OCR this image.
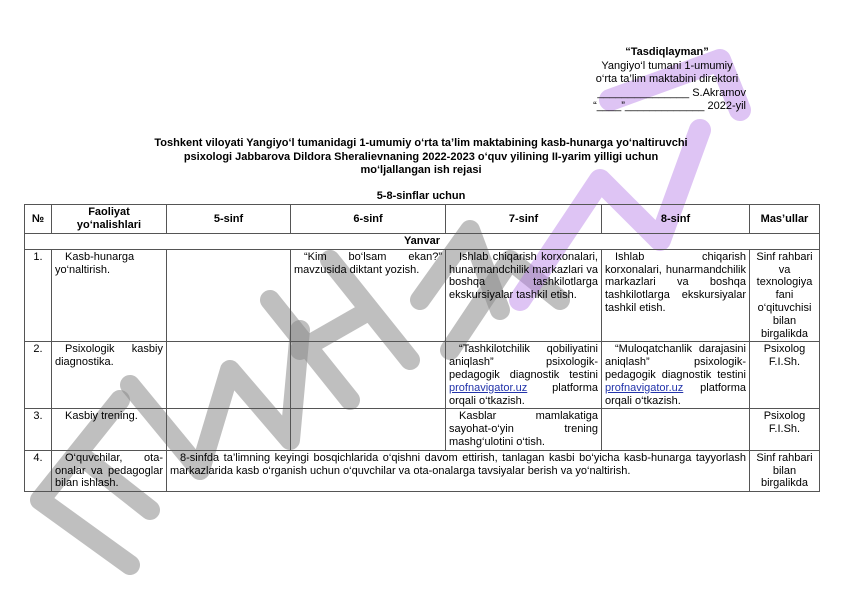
“Tasdiqlayman”
Yangiyo‘l tumani 1-umumiy
o‘rta ta’lim maktabini direktori
_______________ S.Akramov
“____”_____________ 2022-yil
Toshkent viloyati Yangiyo‘l tumanidagi 1-umumiy o‘rta ta’lim maktabining kasb-hunarga yo‘naltiruvchi
psixologi Jabbarova Dildora Sheralievnaning 2022-2023 o‘quv yilining II-yarim yilligi uchun
mo‘ljallangan ish rejasi
5-8-sinflar uchun
№	Faoliyat yo‘nalishlari	5-sinf	6-sinf	7-sinf	8-sinf	Mas’ullar
Yanvar						
1.	Kasb-hunarga yo‘naltirish.		“Kim bo‘lsam ekan?” mavzusida diktant yozish.	Ishlab chiqarish korxonalari, hunarmandchilik markazlari va boshqa tashkilotlarga ekskursiyalar tashkil etish.	Ishlab chiqarish korxonalari, hunarmandchilik markazlari va boshqa tashkilotlarga ekskursiyalar tashkil etish.	Sinf rahbari va texnologiya fani o‘qituvchisi bilan birgalikda
2.	Psixologik kasbiy diagnostika.			“Tashkilotchilik qobiliyatini aniqlash” psixologik-pedagogik diagnostik testini profnavigator.uz platforma orqali o‘tkazish.	“Muloqatchanlik darajasini aniqlash” psixologik-pedagogik diagnostik testini profnavigator.uz platforma orqali o‘tkazish.	Psixolog F.I.Sh.
3.	Kasbiy trening.			Kasblar mamlakatiga sayohat-o‘yin trening mashg‘ulotini o‘tish.		Psixolog F.I.Sh.
4.	O‘quvchilar, ota-onalar va pedagoglar bilan ishlash.	8-sinfda ta’limning keyingi bosqichlarida o‘qishni davom ettirish, tanlagan kasbi bo‘yicha kasb-hunarga tayyorlash markazlarida kasb o‘rganish uchun o‘quvchilar va ota-onalarga tavsiyalar berish va yo‘naltirish.				Sinf rahbari bilan birgalikda
